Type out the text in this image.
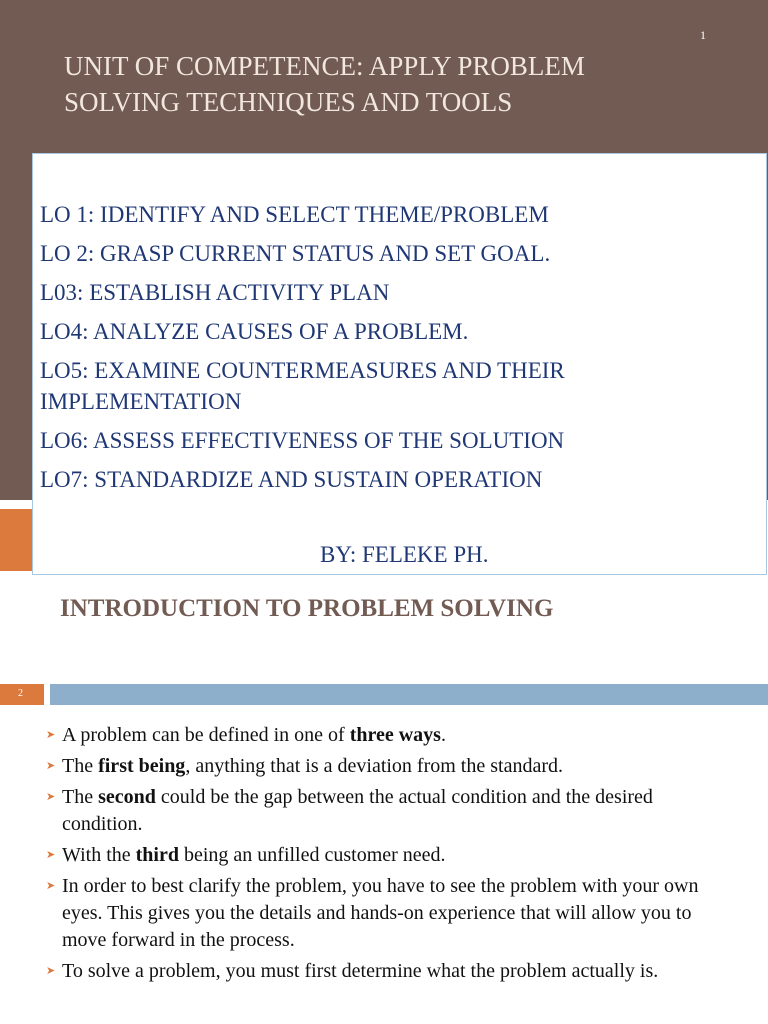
1
UNIT OF COMPETENCE: APPLY PROBLEM SOLVING TECHNIQUES AND TOOLS
LO 1: IDENTIFY AND SELECT THEME/PROBLEM
LO 2: GRASP CURRENT STATUS AND SET GOAL.
L03: ESTABLISH ACTIVITY PLAN
LO4: ANALYZE CAUSES OF A PROBLEM.
LO5: EXAMINE COUNTERMEASURES AND THEIR IMPLEMENTATION
LO6: ASSESS EFFECTIVENESS OF THE SOLUTION
LO7: STANDARDIZE AND SUSTAIN OPERATION
BY: FELEKE PH.
INTRODUCTION TO PROBLEM SOLVING
2
➤ A problem can be defined in one of three ways.
➤ The first being, anything that is a deviation from the standard.
➤ The second could be the gap between the actual condition and the desired condition.
➤ With the third being an unfilled customer need.
➤ In order to best clarify the problem, you have to see the problem with your own eyes. This gives you the details and hands-on experience that will allow you to move forward in the process.
➤ To solve a problem, you must first determine what the problem actually is.
